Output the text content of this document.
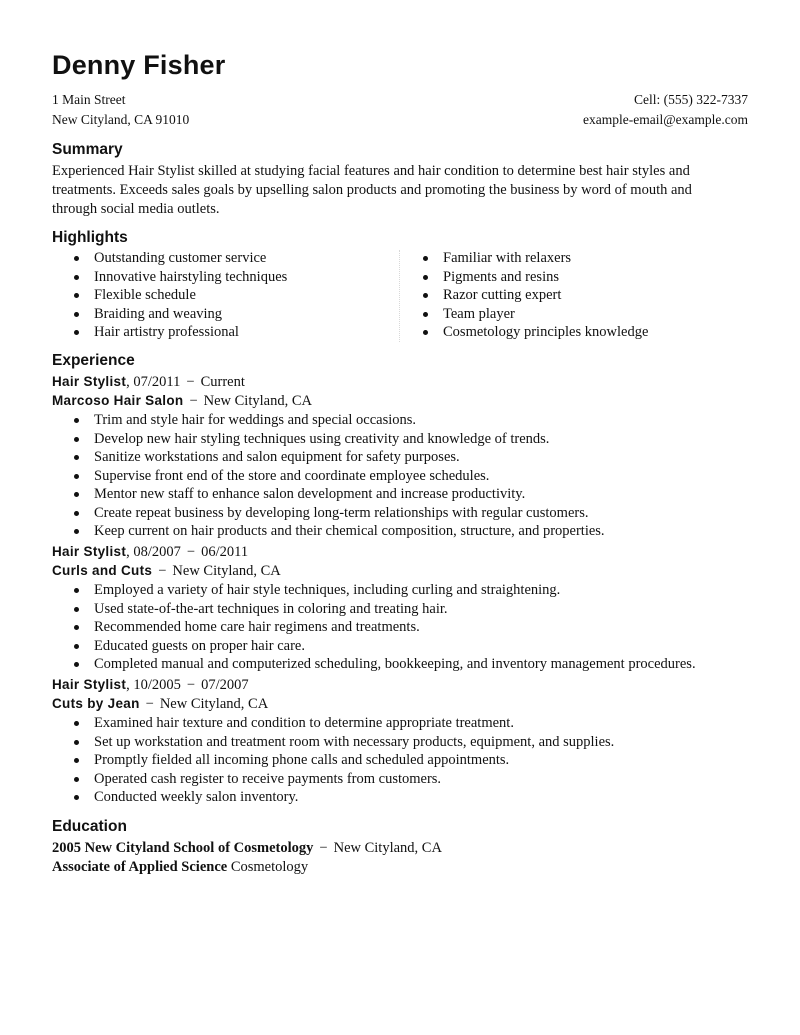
Denny Fisher
1 Main Street	Cell: (555) 322-7337
New Cityland, CA 91010	example-email@example.com
Summary
Experienced Hair Stylist skilled at studying facial features and hair condition to determine best hair styles and
treatments. Exceeds sales goals by upselling salon products and promoting the business by word of mouth and
through social media outlets.
Highlights
Outstanding customer service
Innovative hairstyling techniques
Flexible schedule
Braiding and weaving
Hair artistry professional
Familiar with relaxers
Pigments and resins
Razor cutting expert
Team player
Cosmetology principles knowledge
Experience
Hair Stylist, 07/2011 − Current
Marcoso Hair Salon − New Cityland, CA
Trim and style hair for weddings and special occasions.
Develop new hair styling techniques using creativity and knowledge of trends.
Sanitize workstations and salon equipment for safety purposes.
Supervise front end of the store and coordinate employee schedules.
Mentor new staff to enhance salon development and increase productivity.
Create repeat business by developing long-term relationships with regular customers.
Keep current on hair products and their chemical composition, structure, and properties.
Hair Stylist, 08/2007 − 06/2011
Curls and Cuts − New Cityland, CA
Employed a variety of hair style techniques, including curling and straightening.
Used state-of-the-art techniques in coloring and treating hair.
Recommended home care hair regimens and treatments.
Educated guests on proper hair care.
Completed manual and computerized scheduling, bookkeeping, and inventory management procedures.
Hair Stylist, 10/2005 − 07/2007
Cuts by Jean − New Cityland, CA
Examined hair texture and condition to determine appropriate treatment.
Set up workstation and treatment room with necessary products, equipment, and supplies.
Promptly fielded all incoming phone calls and scheduled appointments.
Operated cash register to receive payments from customers.
Conducted weekly salon inventory.
Education
2005 New Cityland School of Cosmetology − New Cityland, CA
Associate of Applied Science Cosmetology
